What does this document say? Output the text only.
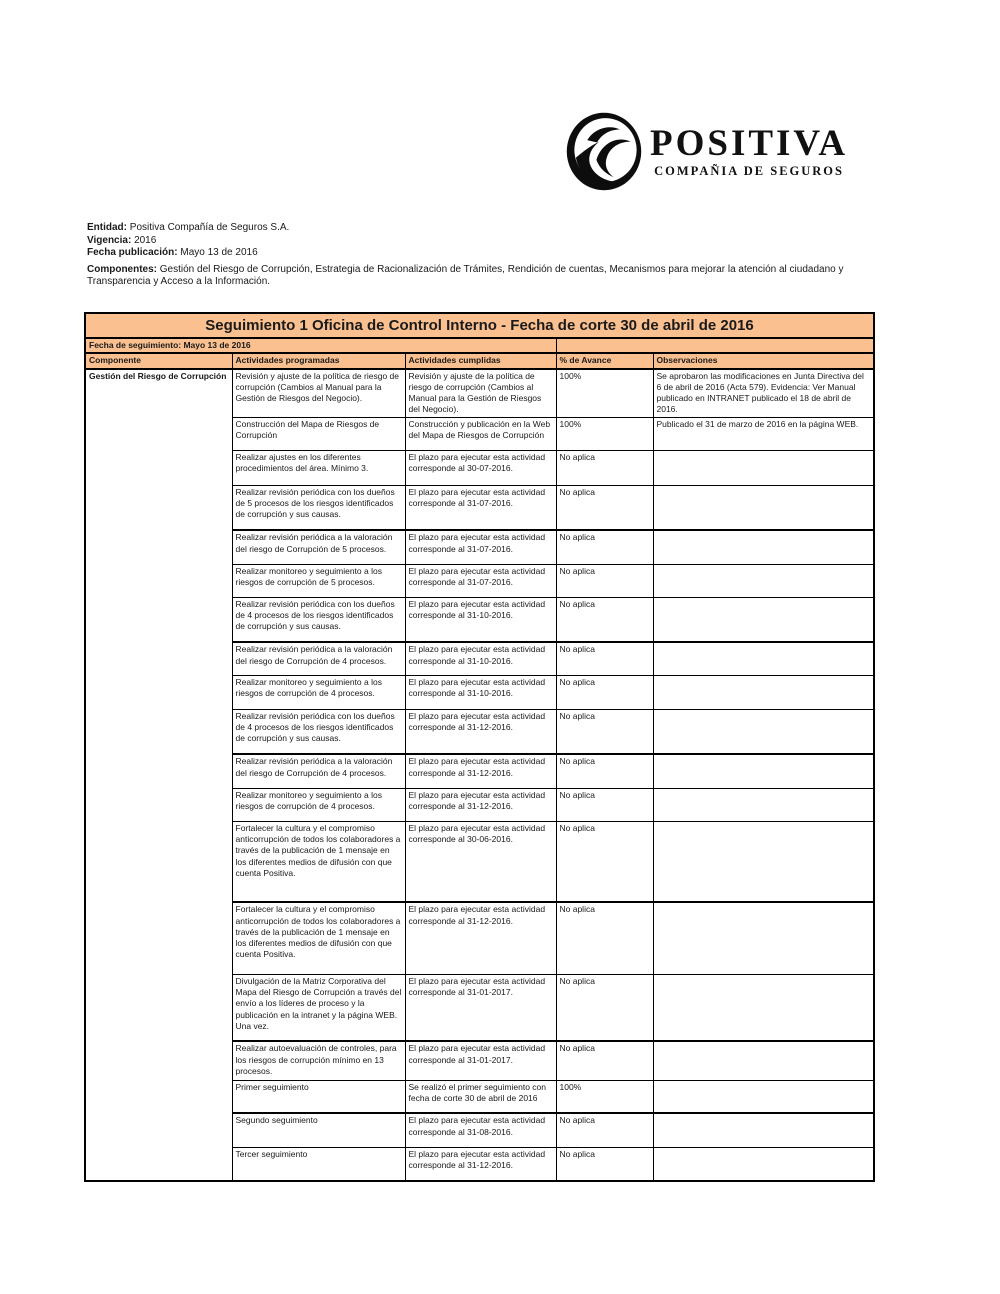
POSITIVA
COMPAÑIA DE SEGUROS

Entidad: Positiva Compañía de Seguros S.A.

Vigencia: 2016

Fecha publicación: Mayo 13 de 2016

Componentes: Gestión del Riesgo de Corrupción, Estrategia de Racionalización de Trámites, Rendición de cuentas, Mecanismos para mejorar la atención al ciudadano y Transparencia y Acceso a la Información.

Seguimiento 1 Oficina de Control Interno - Fecha de corte 30 de abril de 2016				
Fecha de seguimiento: Mayo 13 de 2016				
Componente	Actividades programadas	Actividades cumplidas	% de Avance	Observaciones
Gestión del Riesgo de Corrupción	Revisión y ajuste de la política de riesgo de corrupción (Cambios al Manual para la Gestión de Riesgos del Negocio).	Revisión y ajuste de la política de riesgo de corrupción (Cambios al Manual para la Gestión de Riesgos del Negocio).	100%	Se aprobaron las modificaciones en Junta Directiva del 6 de abril de 2016 (Acta 579). Evidencia: Ver Manual publicado en INTRANET publicado el 18 de abril de 2016.
	Construcción del Mapa de Riesgos de Corrupción	Construcción y publicación en la Web del Mapa de Riesgos de Corrupción	100%	Publicado el 31 de marzo de 2016 en la página WEB.
	Realizar ajustes en los diferentes procedimientos del área. Mínimo 3.	El plazo para ejecutar esta actividad corresponde al 30-07-2016.	No aplica	
	Realizar revisión periódica con los dueños de 5 procesos de los riesgos identificados de corrupción y sus causas.	El plazo para ejecutar esta actividad corresponde al 31-07-2016.	No aplica	
	Realizar revisión periódica a la valoración del riesgo de Corrupción de 5 procesos.	El plazo para ejecutar esta actividad corresponde al 31-07-2016.	No aplica	
	Realizar monitoreo y seguimiento a los riesgos de corrupción de 5 procesos.	El plazo para ejecutar esta actividad corresponde al 31-07-2016.	No aplica	
	Realizar revisión periódica con los dueños de 4 procesos de los riesgos identificados de corrupción y sus causas.	El plazo para ejecutar esta actividad corresponde al 31-10-2016.	No aplica	
	Realizar revisión periódica a la valoración del riesgo de Corrupción de 4 procesos.	El plazo para ejecutar esta actividad corresponde al 31-10-2016.	No aplica	
	Realizar monitoreo y seguimiento a los riesgos de corrupción de 4 procesos.	El plazo para ejecutar esta actividad corresponde al 31-10-2016.	No aplica	
	Realizar revisión periódica con los dueños de 4 procesos de los riesgos identificados de corrupción y sus causas.	El plazo para ejecutar esta actividad corresponde al 31-12-2016.	No aplica	
	Realizar revisión periódica a la valoración del riesgo de Corrupción de 4 procesos.	El plazo para ejecutar esta actividad corresponde al 31-12-2016.	No aplica	
	Realizar monitoreo y seguimiento a los riesgos de corrupción de 4 procesos.	El plazo para ejecutar esta actividad corresponde al 31-12-2016.	No aplica	
	Fortalecer la cultura y el compromiso anticorrupción de todos los colaboradores a través de la publicación de 1 mensaje en los diferentes medios de difusión con que cuenta Positiva.	El plazo para ejecutar esta actividad corresponde al 30-06-2016.	No aplica	
	Fortalecer la cultura y el compromiso anticorrupción de todos los colaboradores a través de la publicación de 1 mensaje en los diferentes medios de difusión con que cuenta Positiva.	El plazo para ejecutar esta actividad corresponde al 31-12-2016.	No aplica	
	Divulgación de la Matriz Corporativa del Mapa del Riesgo de Corrupción a través del envío a los líderes de proceso y la publicación en la intranet y la página WEB. Una vez.	El plazo para ejecutar esta actividad corresponde al 31-01-2017.	No aplica	
	Realizar autoevaluación de controles, para los riesgos de corrupción mínimo en 13 procesos.	El plazo para ejecutar esta actividad corresponde al 31-01-2017.	No aplica	
	Primer seguimiento	Se realizó el primer seguimiento con fecha de corte 30 de abril de 2016	100%	
	Segundo seguimiento	El plazo para ejecutar esta actividad corresponde al 31-08-2016.	No aplica	
	Tercer seguimiento	El plazo para ejecutar esta actividad corresponde al 31-12-2016.	No aplica	
